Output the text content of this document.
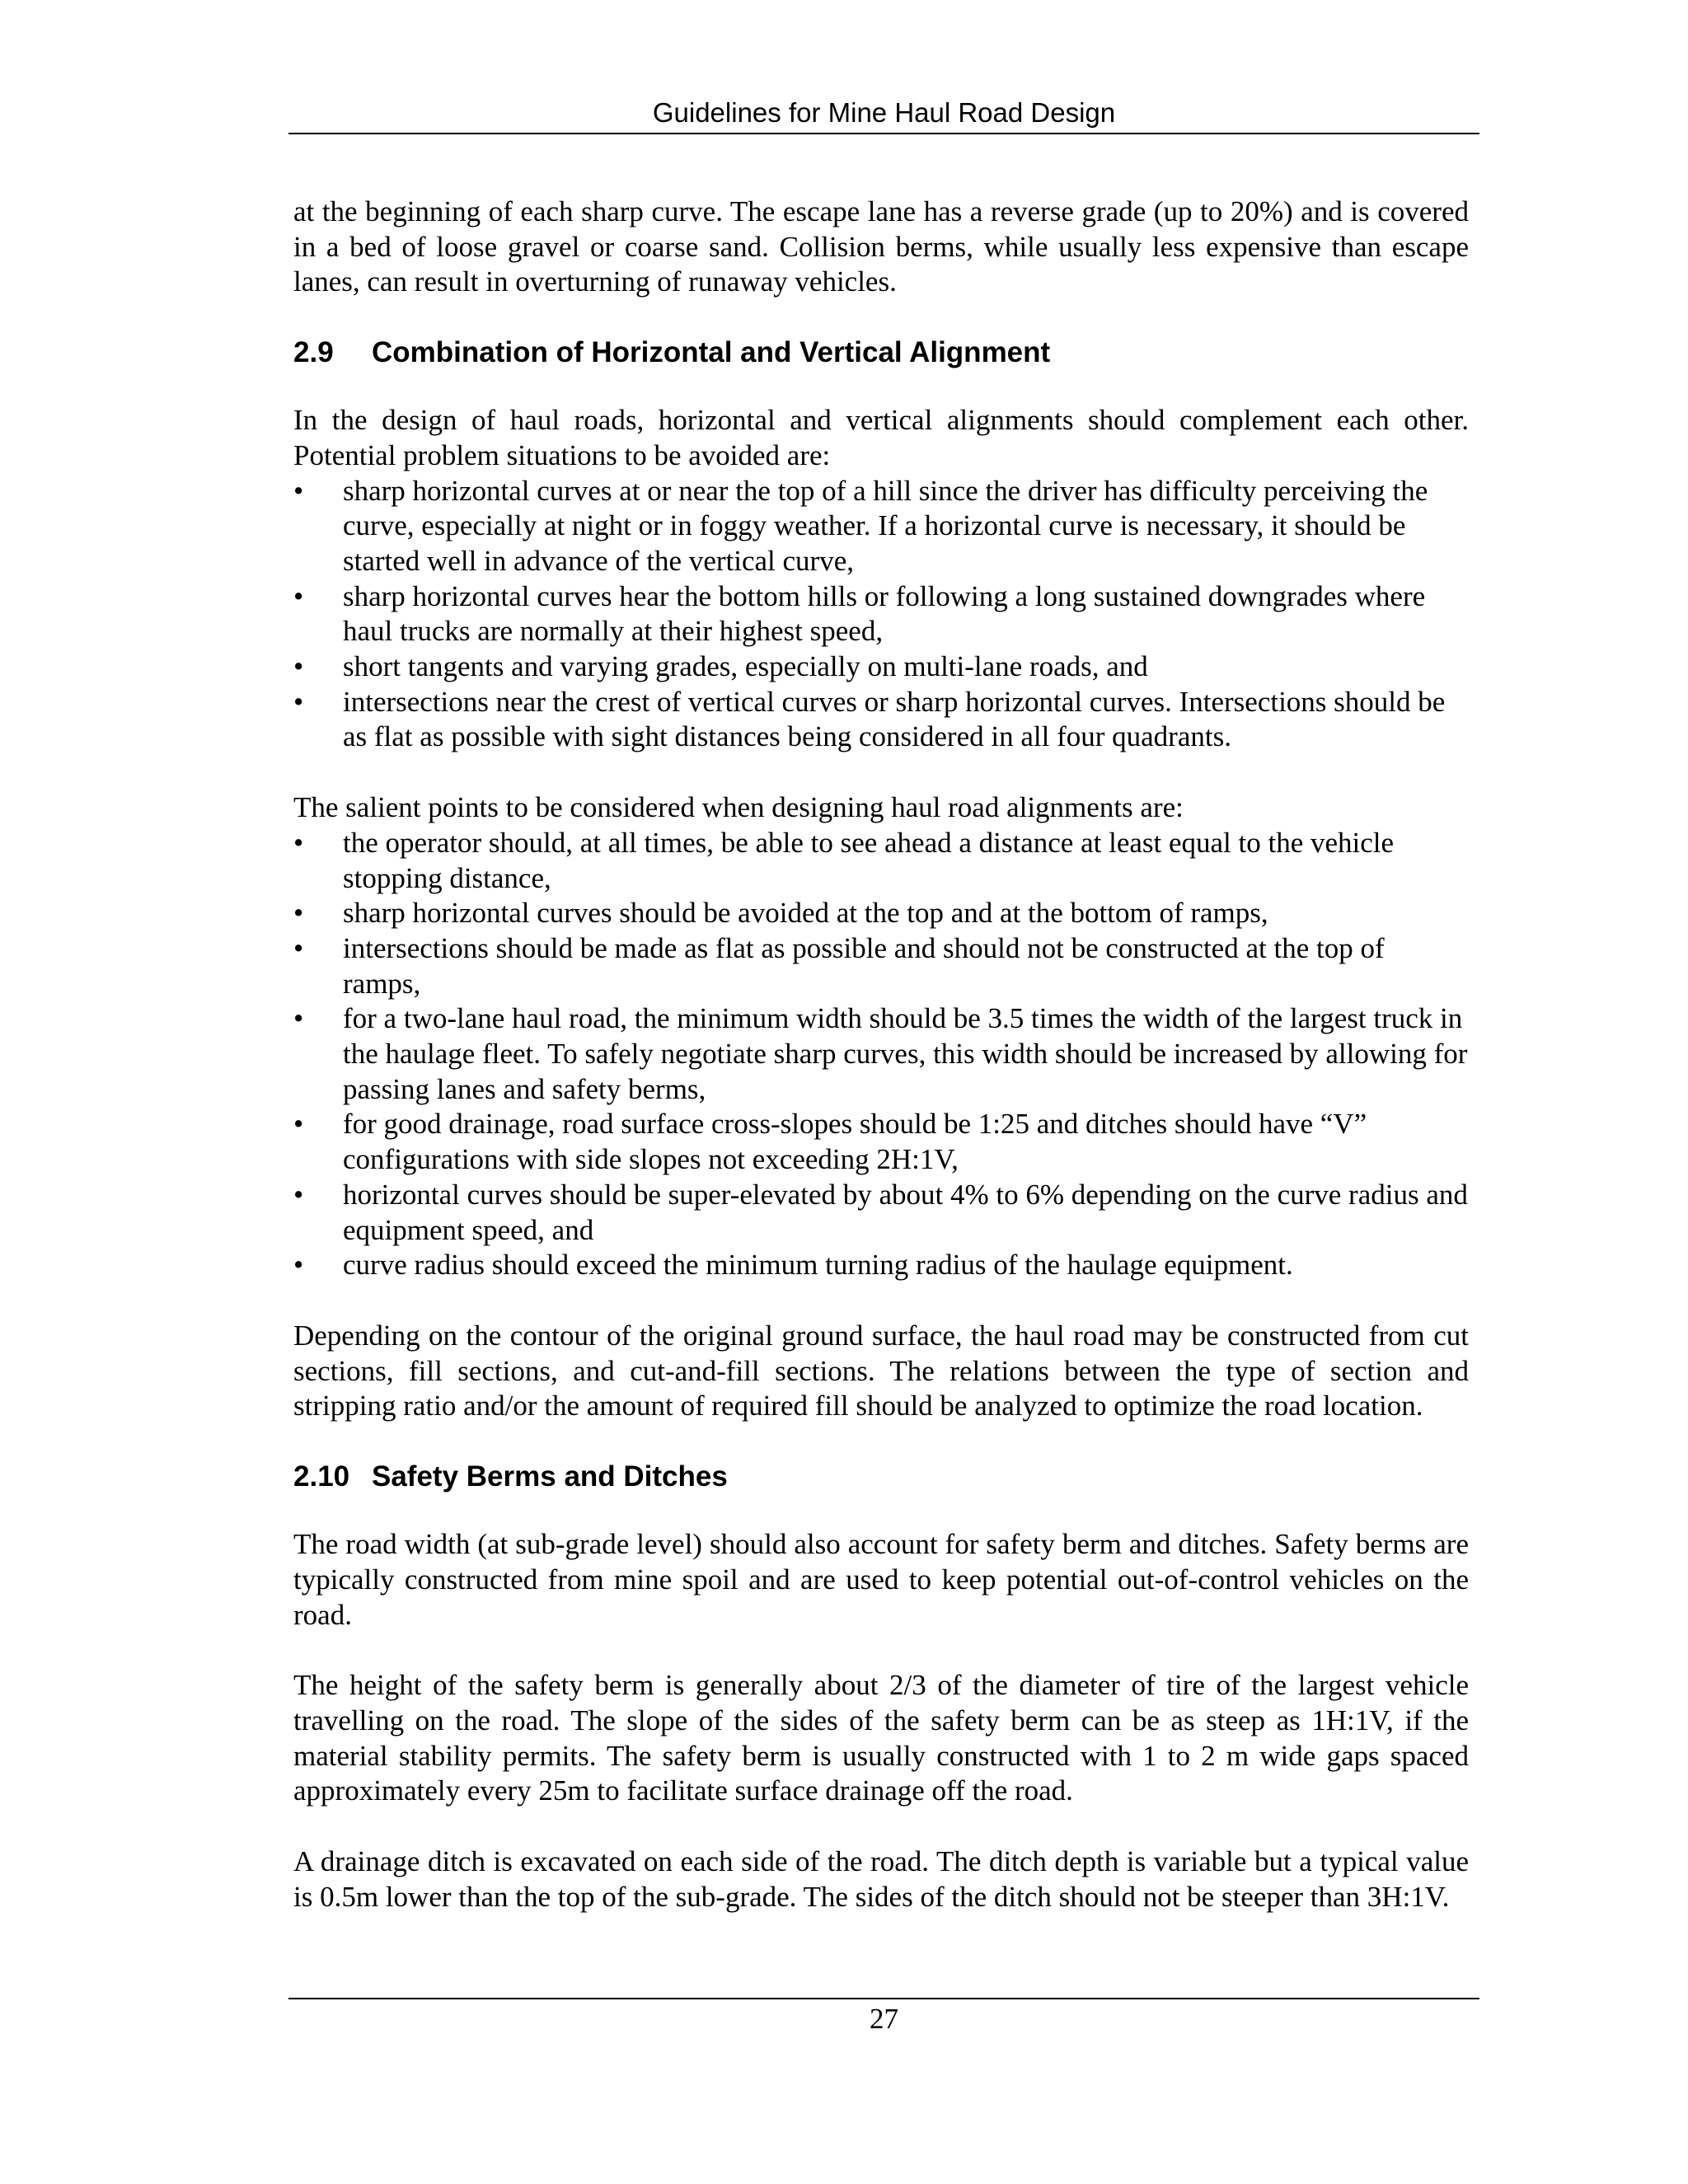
Guidelines for Mine Haul Road Design

at the beginning of each sharp curve. The escape lane has a reverse grade (up to 20%) and is covered in a bed of loose gravel or coarse sand. Collision berms, while usually less expensive than escape lanes, can result in overturning of runaway vehicles.

2.9	Combination of Horizontal and Vertical Alignment

In the design of haul roads, horizontal and vertical alignments should complement each other. Potential problem situations to be avoided are:

• sharp horizontal curves at or near the top of a hill since the driver has difficulty perceiving the curve, especially at night or in foggy weather. If a horizontal curve is necessary, it should be started well in advance of the vertical curve,
• sharp horizontal curves hear the bottom hills or following a long sustained downgrades where haul trucks are normally at their highest speed,
• short tangents and varying grades, especially on multi-lane roads, and
• intersections near the crest of vertical curves or sharp horizontal curves. Intersections should be as flat as possible with sight distances being considered in all four quadrants.

The salient points to be considered when designing haul road alignments are:

• the operator should, at all times, be able to see ahead a distance at least equal to the vehicle stopping distance,
• sharp horizontal curves should be avoided at the top and at the bottom of ramps,
• intersections should be made as flat as possible and should not be constructed at the top of ramps,
• for a two-lane haul road, the minimum width should be 3.5 times the width of the largest truck in the haulage fleet. To safely negotiate sharp curves, this width should be increased by allowing for passing lanes and safety berms,
• for good drainage, road surface cross-slopes should be 1:25 and ditches should have “V” configurations with side slopes not exceeding 2H:1V,
• horizontal curves should be super-elevated by about 4% to 6% depending on the curve radius and equipment speed, and
• curve radius should exceed the minimum turning radius of the haulage equipment.

Depending on the contour of the original ground surface, the haul road may be constructed from cut sections, fill sections, and cut-and-fill sections. The relations between the type of section and stripping ratio and/or the amount of required fill should be analyzed to optimize the road location.

2.10 Safety Berms and Ditches

The road width (at sub-grade level) should also account for safety berm and ditches. Safety berms are typically constructed from mine spoil and are used to keep potential out-of-control vehicles on the road.

The height of the safety berm is generally about 2/3 of the diameter of tire of the largest vehicle travelling on the road. The slope of the sides of the safety berm can be as steep as 1H:1V, if the material stability permits. The safety berm is usually constructed with 1 to 2 m wide gaps spaced approximately every 25m to facilitate surface drainage off the road.

A drainage ditch is excavated on each side of the road. The ditch depth is variable but a typical value is 0.5m lower than the top of the sub-grade. The sides of the ditch should not be steeper than 3H:1V.

27
